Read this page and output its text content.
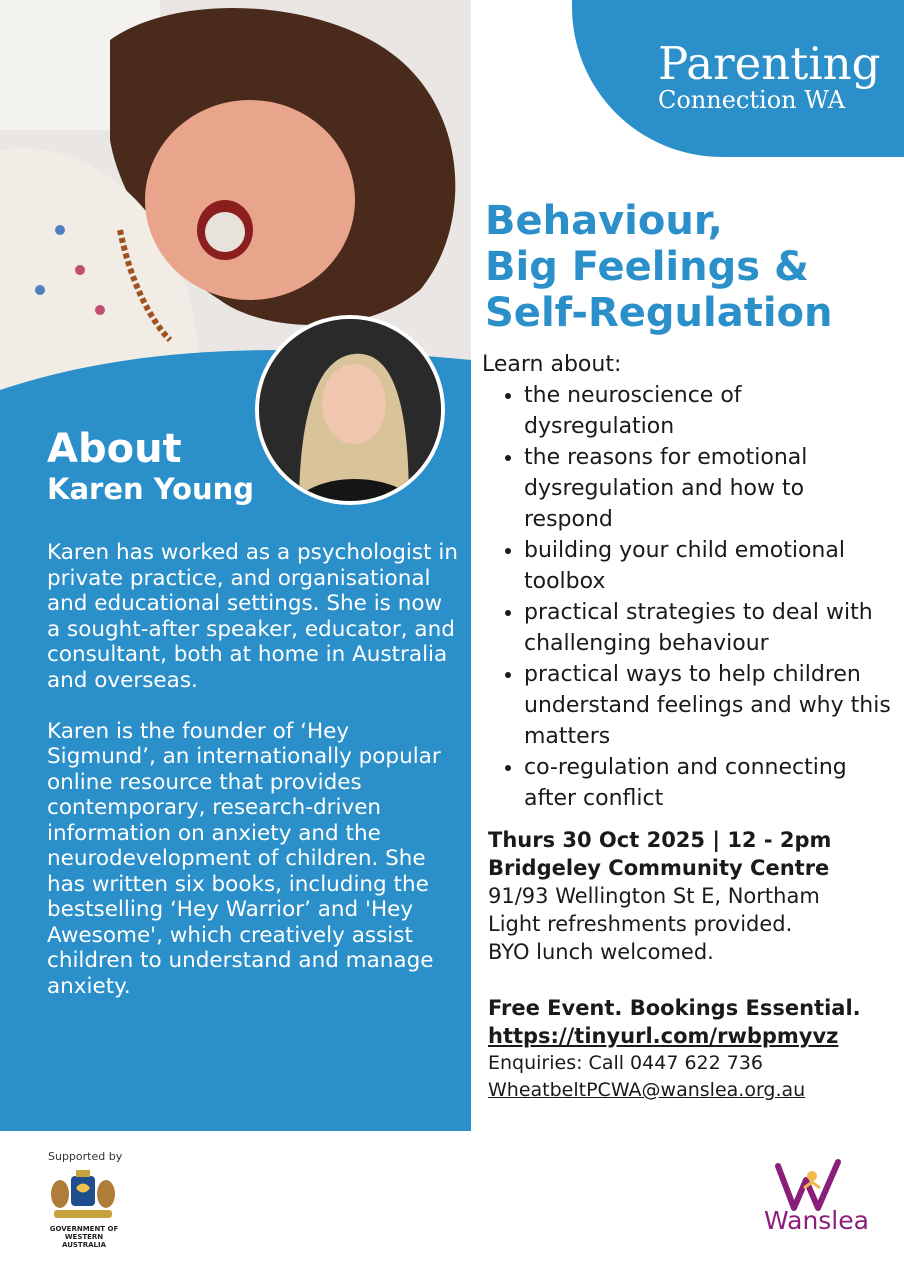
About
Karen Young

Karen has worked as a psychologist in private practice, and organisational and educational settings. She is now a sought-after speaker, educator, and consultant, both at home in Australia and overseas.

Karen is the founder of ‘Hey Sigmund’, an internationally popular online resource that provides contemporary, research-driven information on anxiety and the neurodevelopment of children. She has written six books, including the bestselling ‘Hey Warrior’ and 'Hey Awesome', which creatively assist children to understand and manage anxiety.

Parenting
Connection WA
Behaviour,
Big Feelings &
Self-Regulation
Learn about:
• the neuroscience of dysregulation
• the reasons for emotional dysregulation and how to respond
• building your child emotional toolbox
• practical strategies to deal with challenging behaviour
• practical ways to help children understand feelings and why this matters
• co-regulation and connecting after conflict
Thurs 30 Oct 2025 | 12 - 2pm
Bridgeley Community Centre
91/93 Wellington St E, Northam
Light refreshments provided.
BYO lunch welcomed.
Free Event. Bookings Essential.
https://tinyurl.com/rwbpmyvz
Enquiries: Call 0447 622 736
WheatbeltPCWA@wanslea.org.au
Supported by
GOVERNMENT OF WESTERN AUSTRALIA
Wanslea
